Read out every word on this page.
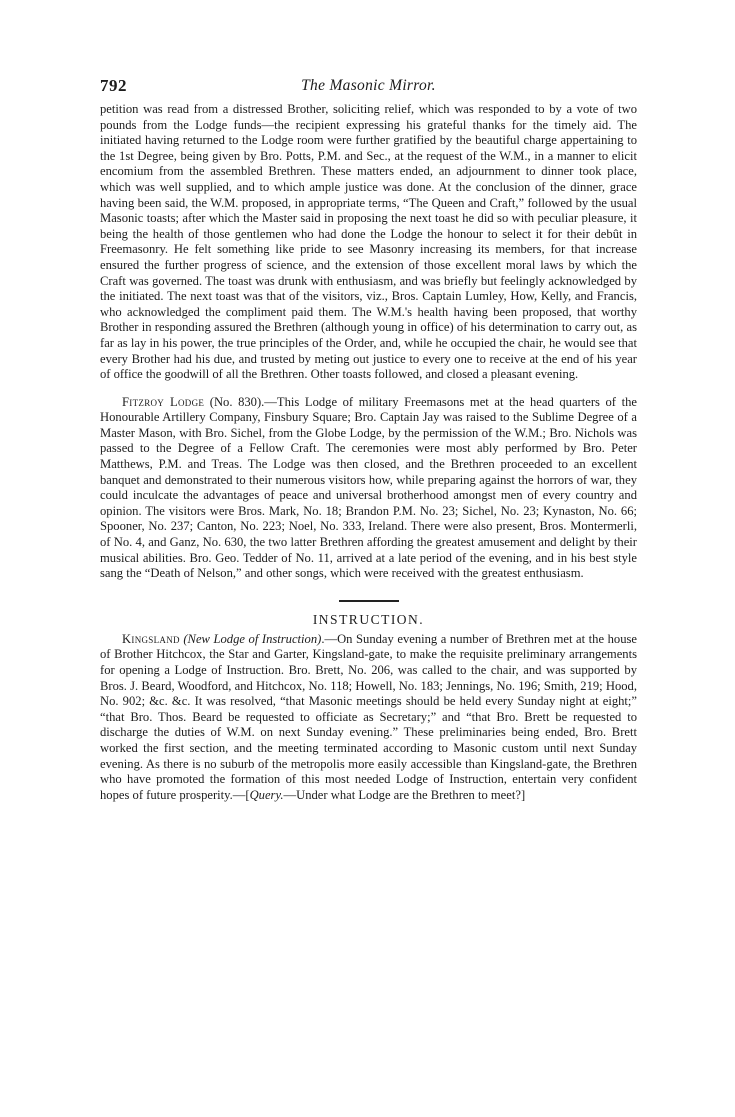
792	The Masonic Mirror.

petition was read from a distressed Brother, soliciting relief, which was responded to by a vote of two pounds from the Lodge funds—the recipient expressing his grateful thanks for the timely aid. The initiated having returned to the Lodge room were further gratified by the beautiful charge appertaining to the 1st Degree, being given by Bro. Potts, P.M. and Sec., at the request of the W.M., in a manner to elicit encomium from the assembled Brethren. These matters ended, an adjournment to dinner took place, which was well supplied, and to which ample justice was done. At the conclusion of the dinner, grace having been said, the W.M. proposed, in appropriate terms, “The Queen and Craft,” followed by the usual Masonic toasts; after which the Master said in proposing the next toast he did so with peculiar pleasure, it being the health of those gentlemen who had done the Lodge the honour to select it for their debût in Freemasonry. He felt something like pride to see Masonry increasing its members, for that increase ensured the further progress of science, and the extension of those excellent moral laws by which the Craft was governed. The toast was drunk with enthusiasm, and was briefly but feelingly acknowledged by the initiated. The next toast was that of the visitors, viz., Bros. Captain Lumley, How, Kelly, and Francis, who acknowledged the compliment paid them. The W.M.'s health having been proposed, that worthy Brother in responding assured the Brethren (although young in office) of his determination to carry out, as far as lay in his power, the true principles of the Order, and, while he occupied the chair, he would see that every Brother had his due, and trusted by meting out justice to every one to receive at the end of his year of office the goodwill of all the Brethren. Other toasts followed, and closed a pleasant evening.

Fitzroy Lodge (No. 830).—This Lodge of military Freemasons met at the head quarters of the Honourable Artillery Company, Finsbury Square; Bro. Captain Jay was raised to the Sublime Degree of a Master Mason, with Bro. Sichel, from the Globe Lodge, by the permission of the W.M.; Bro. Nichols was passed to the Degree of a Fellow Craft. The ceremonies were most ably performed by Bro. Peter Matthews, P.M. and Treas. The Lodge was then closed, and the Brethren proceeded to an excellent banquet and demonstrated to their numerous visitors how, while preparing against the horrors of war, they could inculcate the advantages of peace and universal brotherhood amongst men of every country and opinion. The visitors were Bros. Mark, No. 18; Brandon P.M. No. 23; Sichel, No. 23; Kynaston, No. 66; Spooner, No. 237; Canton, No. 223; Noel, No. 333, Ireland. There were also present, Bros. Montermerli, of No. 4, and Ganz, No. 630, the two latter Brethren affording the greatest amusement and delight by their musical abilities. Bro. Geo. Tedder of No. 11, arrived at a late period of the evening, and in his best style sang the “Death of Nelson,” and other songs, which were received with the greatest enthusiasm.

INSTRUCTION.

Kingsland (New Lodge of Instruction).—On Sunday evening a number of Brethren met at the house of Brother Hitchcox, the Star and Garter, Kingsland-gate, to make the requisite preliminary arrangements for opening a Lodge of Instruction. Bro. Brett, No. 206, was called to the chair, and was supported by Bros. J. Beard, Woodford, and Hitchcox, No. 118; Howell, No. 183; Jennings, No. 196; Smith, 219; Hood, No. 902; &c. &c. It was resolved, “that Masonic meetings should be held every Sunday night at eight;” “that Bro. Thos. Beard be requested to officiate as Secretary;” and “that Bro. Brett be requested to discharge the duties of W.M. on next Sunday evening.” These preliminaries being ended, Bro. Brett worked the first section, and the meeting terminated according to Masonic custom until next Sunday evening. As there is no suburb of the metropolis more easily accessible than Kingsland-gate, the Brethren who have promoted the formation of this most needed Lodge of Instruction, entertain very confident hopes of future prosperity.—[Query.—Under what Lodge are the Brethren to meet?]
